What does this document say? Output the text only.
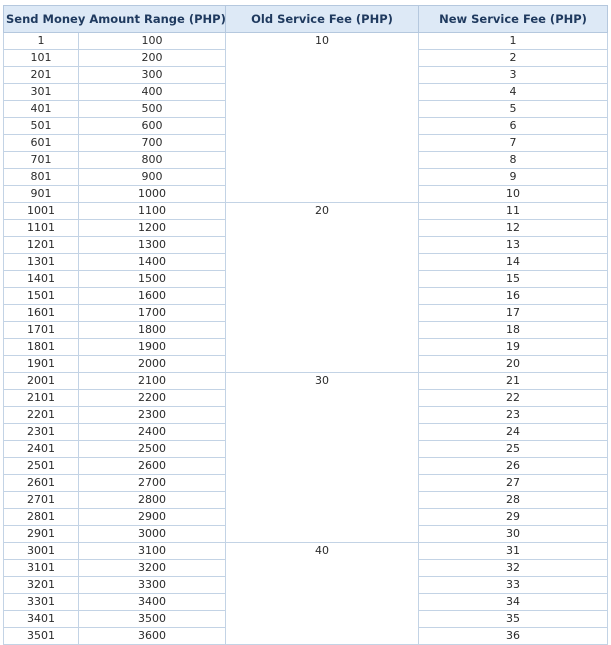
Send Money Amount Range (PHP)		Old Service Fee (PHP)	New Service Fee (PHP)
1	100	10	1
101	200		2
201	300		3
301	400		4
401	500		5
501	600		6
601	700		7
701	800		8
801	900		9
901	1000		10
1001	1100	20	11
1101	1200		12
1201	1300		13
1301	1400		14
1401	1500		15
1501	1600		16
1601	1700		17
1701	1800		18
1801	1900		19
1901	2000		20
2001	2100	30	21
2101	2200		22
2201	2300		23
2301	2400		24
2401	2500		25
2501	2600		26
2601	2700		27
2701	2800		28
2801	2900		29
2901	3000		30
3001	3100	40	31
3101	3200		32
3201	3300		33
3301	3400		34
3401	3500		35
3501	3600		36
